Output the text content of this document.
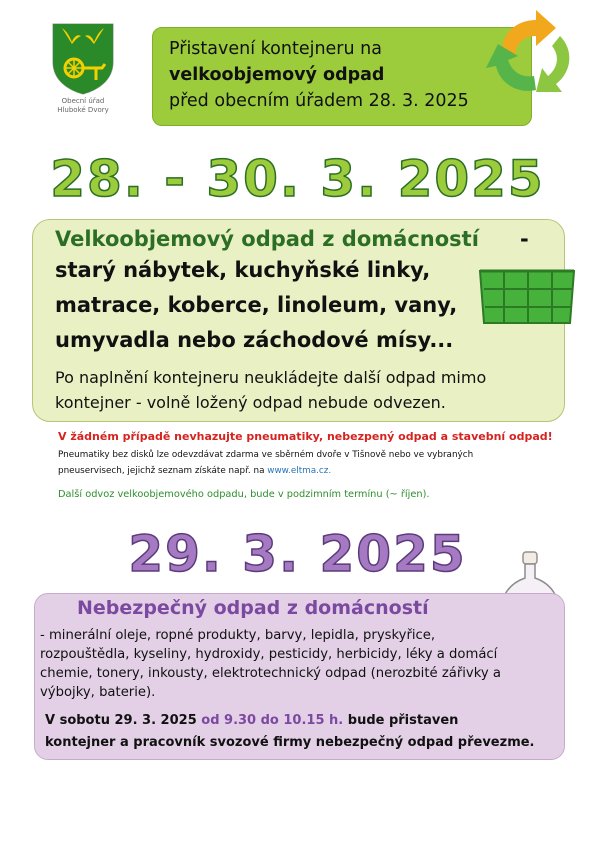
Obecní úřad
Hluboké Dvory
Přistavení kontejneru na
velkoobjemový odpad
před obecním úřadem 28. 3. 2025
28. - 30. 3. 2025
Velkoobjemový odpad z domácností -
starý nábytek, kuchyňské linky,
matrace, koberce, linoleum, vany,
umyvadla nebo záchodové mísy...
Po naplnění kontejneru neukládejte další odpad mimo
kontejner - volně ložený odpad nebude odvezen.
V žádném případě nevhazujte pneumatiky, nebezpený odpad a stavební odpad!
Pneumatiky bez disků lze odevzdávat zdarma ve sběrném dvoře v Tišnově nebo ve vybraných
pneuservisech, jejichž seznam získáte např. na www.eltma.cz.
Další odvoz velkoobjemového odpadu, bude v podzimním termínu (~ říjen).
29. 3. 2025
Nebezpečný odpad z domácností
- minerální oleje, ropné produkty, barvy, lepidla, pryskyřice,
rozpouštědla, kyseliny, hydroxidy, pesticidy, herbicidy, léky a domácí
chemie, tonery, inkousty, elektrotechnický odpad (nerozbité zářivky a
výbojky, baterie).
V sobotu 29. 3. 2025 od 9.30 do 10.15 h. bude přistaven
kontejner a pracovník svozové firmy nebezpečný odpad převezme.
